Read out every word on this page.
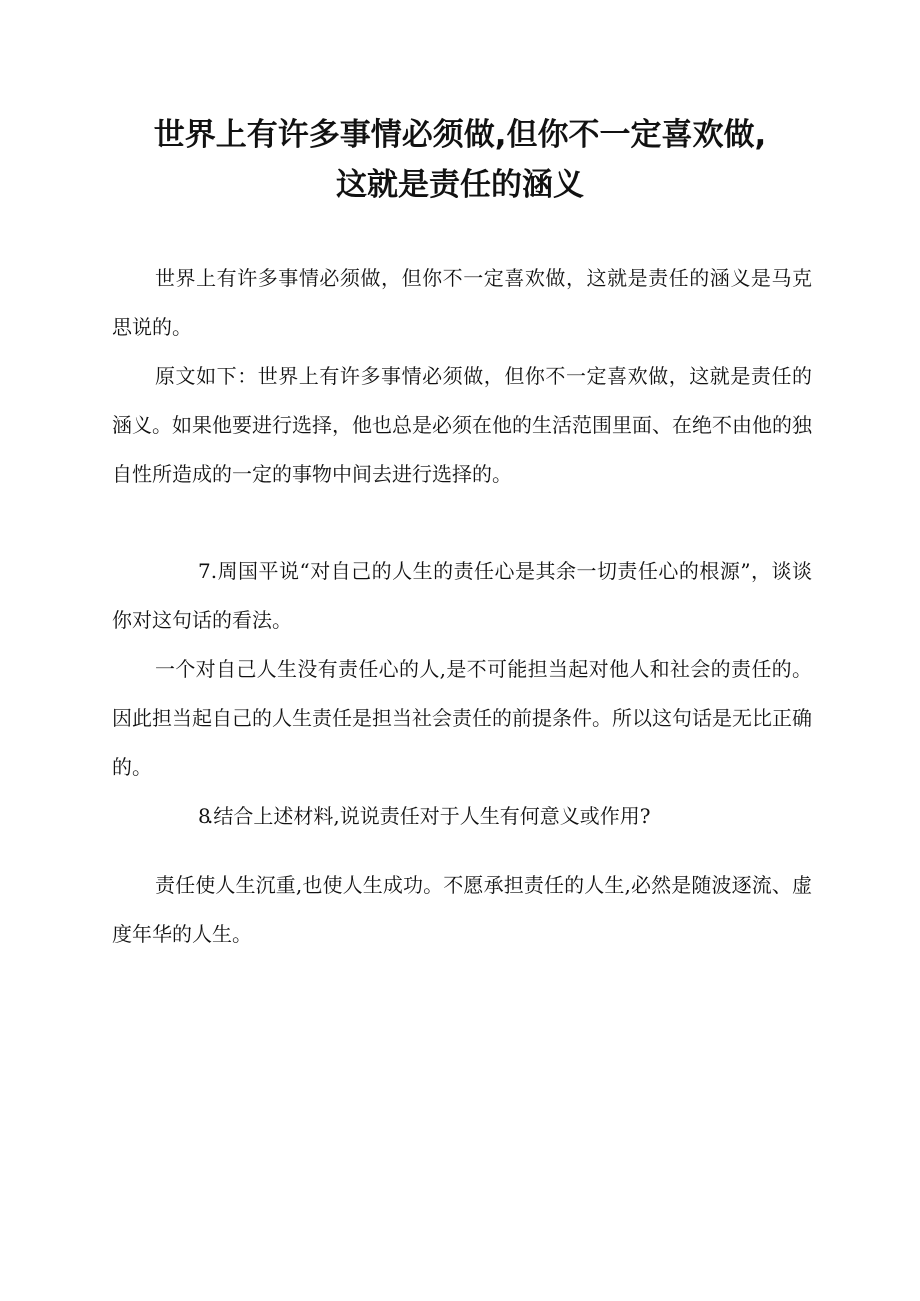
世界上有许多事情必须做,但你不一定喜欢做,
这就是责任的涵义

世界上有许多事情必须做，但你不一定喜欢做，这就是责任的涵义是马克思说的。

原文如下：世界上有许多事情必须做，但你不一定喜欢做，这就是责任的涵义。如果他要进行选择，他也总是必须在他的生活范围里面、在绝不由他的独自性所造成的一定的事物中间去进行选择的。

7.周国平说“对自己的人生的责任心是其余一切责任心的根源”，谈谈你对这句话的看法。

一个对自己人生没有责任心的人,是不可能担当起对他人和社会的责任的。因此担当起自己的人生责任是担当社会责任的前提条件。所以这句话是无比正确的。

8.结合上述材料,说说责任对于人生有何意义或作用?

责任使人生沉重,也使人生成功。不愿承担责任的人生,必然是随波逐流、虚度年华的人生。
